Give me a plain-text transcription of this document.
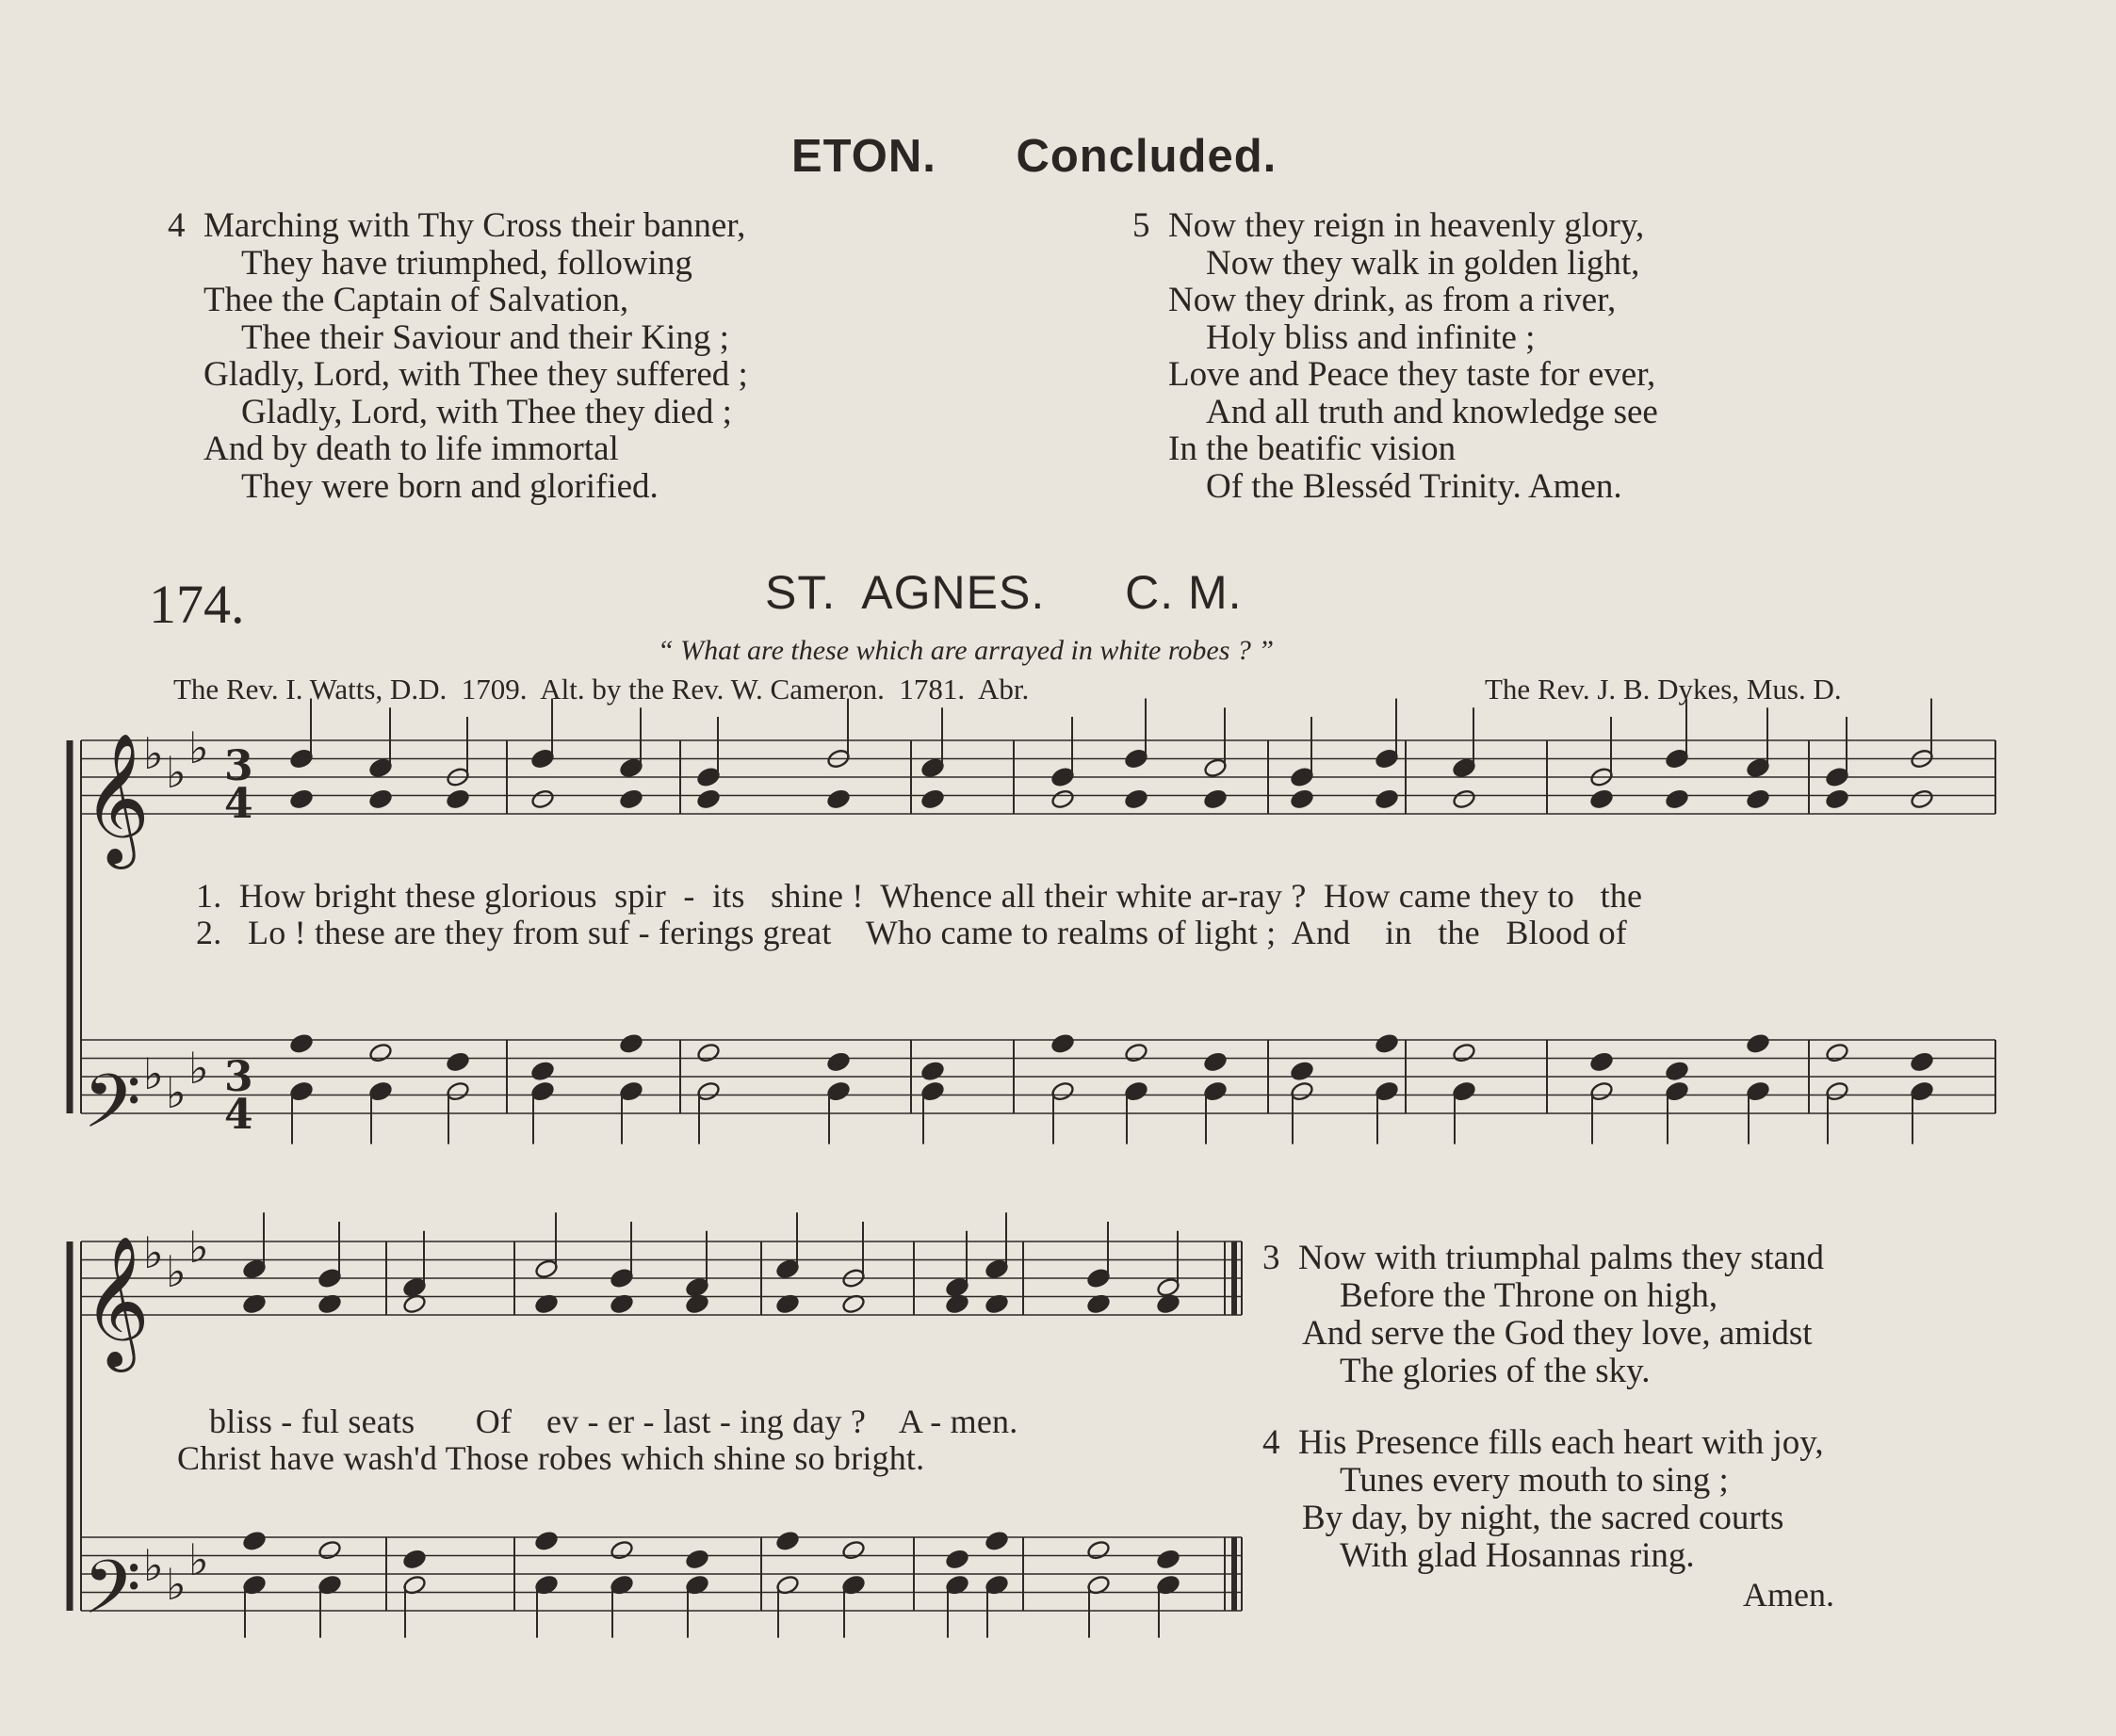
ETON. Concluded.
4 Marching with Thy Cross their banner,
They have triumphed, following
Thee the Captain of Salvation,
Thee their Saviour and their King ;
Gladly, Lord, with Thee they suffered ;
Gladly, Lord, with Thee they died ;
And by death to life immortal
They were born and glorified.
5 Now they reign in heavenly glory,
Now they walk in golden light,
Now they drink, as from a river,
Holy bliss and infinite ;
Love and Peace they taste for ever,
And all truth and knowledge see
In the beatific vision
Of the Blesséd Trinity. Amen.
174.	ST.  AGNES. C. M.
“ What are these which are arrayed in white robes ? ”
The Rev. I. Watts, D.D.  1709.  Alt. by the Rev. W. Cameron.  1781.  Abr.	The Rev. J. B. Dykes, Mus. D.
𝄞
𝄞
𝄢
𝄢
♭ ♭ ♭
♭ ♭ ♭
♭ ♭ ♭
♭ ♭ ♭
3
4
3
4
1.  How bright these glorious  spir  -  its   shine !  Whence all their white ar-ray ?  How came they to   the
2.   Lo ! these are they from suf - ferings great    Who came to realms of light ;  And    in   the   Blood of
bliss - ful seats       Of    ev - er - last - ing day ?    A - men.
Christ have wash'd Those robes which shine so bright.
3 Now with triumphal palms they stand
Before the Throne on high,
And serve the God they love, amidst
The glories of the sky.
4 His Presence fills each heart with joy,
Tunes every mouth to sing ;
By day, by night, the sacred courts
With glad Hosannas ring.
Amen.
